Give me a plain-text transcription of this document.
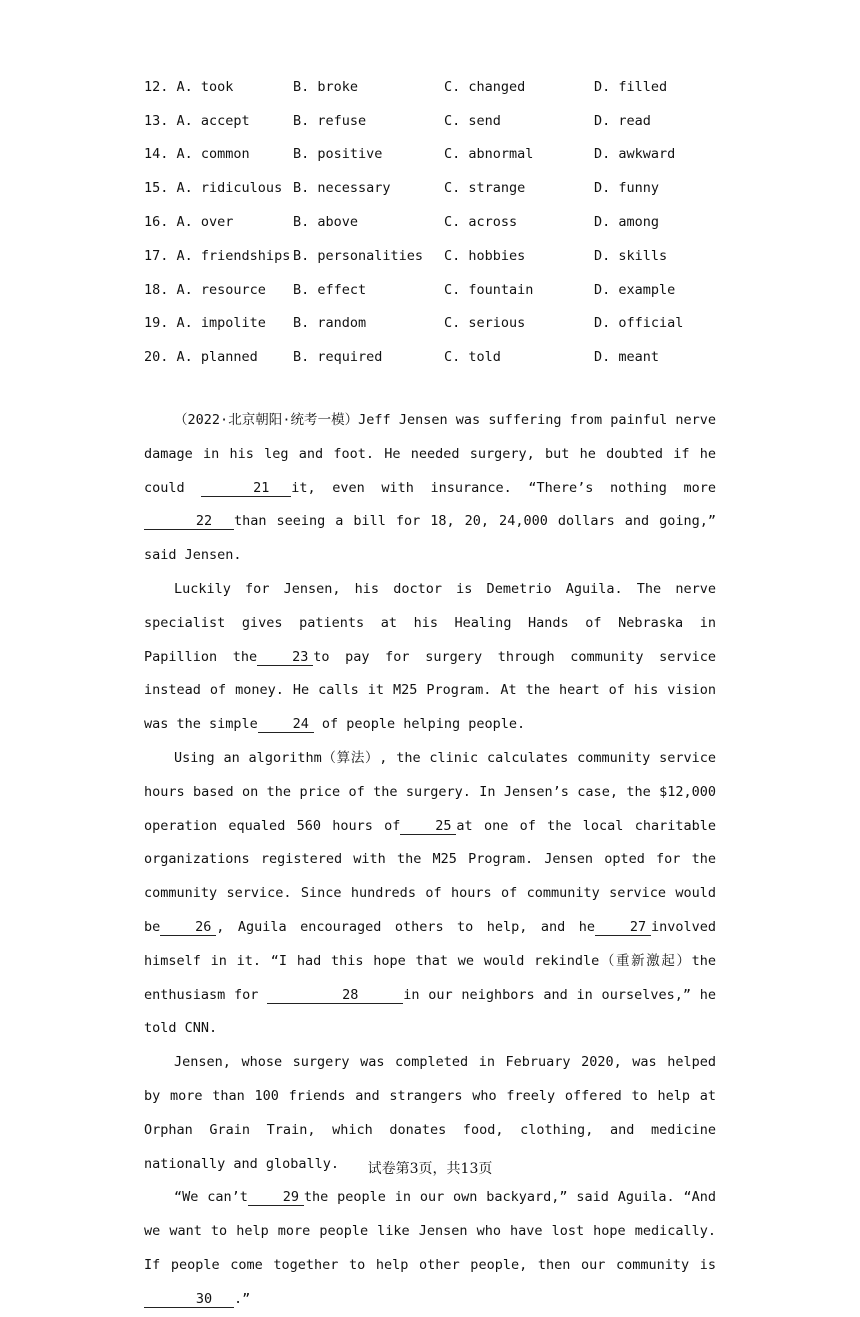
12. A. took	B. broke	C. changed	D. filled
13. A. accept	B. refuse	C. send	D. read
14. A. common	B. positive	C. abnormal	D. awkward
15. A. ridiculous	B. necessary	C. strange	D. funny
16. A. over	B. above	C. across	D. among
17. A. friendships	B. personalities	C. hobbies	D. skills
18. A. resource	B. effect	C. fountain	D. example
19. A. impolite	B. random	C. serious	D. official
20. A. planned	B. required	C. told	D. meant

（2022·北京朝阳·统考一模）Jeff Jensen was suffering from painful nerve damage in his leg and foot. He needed surgery, but he doubted if he could	21 it, even with insurance. “There’s nothing more 22 than seeing a bill for 18, 20, 24,000 dollars and going,” said Jensen.

Luckily for Jensen, his doctor is Demetrio Aguila. The nerve specialist gives patients at his Healing Hands of Nebraska in Papillion the	23 to pay for surgery through community service instead of money. He calls it M25 Program. At the heart of his vision was the simple	24 of people helping people.

Using an algorithm（算法）, the clinic calculates community service hours based on the price of the surgery. In Jensen’s case, the $12,000 operation equaled 560 hours of	25 at one of the local charitable organizations registered with the M25 Program. Jensen opted for the community service. Since hundreds of hours of community service would be	26 , Aguila encouraged others to help, and he	27 involved himself in it. “I had this hope that we would rekindle（重新激起）the enthusiasm for	28	in our neighbors and in ourselves,” he told CNN.

Jensen, whose surgery was completed in February 2020, was helped by more than 100 friends and strangers who freely offered to help at Orphan Grain Train, which donates food, clothing, and medicine nationally and globally.

“We can’t	29 the people in our own backyard,” said Aguila. “And we want to help more people like Jensen who have lost hope medically. If people come together to help other people, then our community is 30 .”

试卷第3页，共13页
